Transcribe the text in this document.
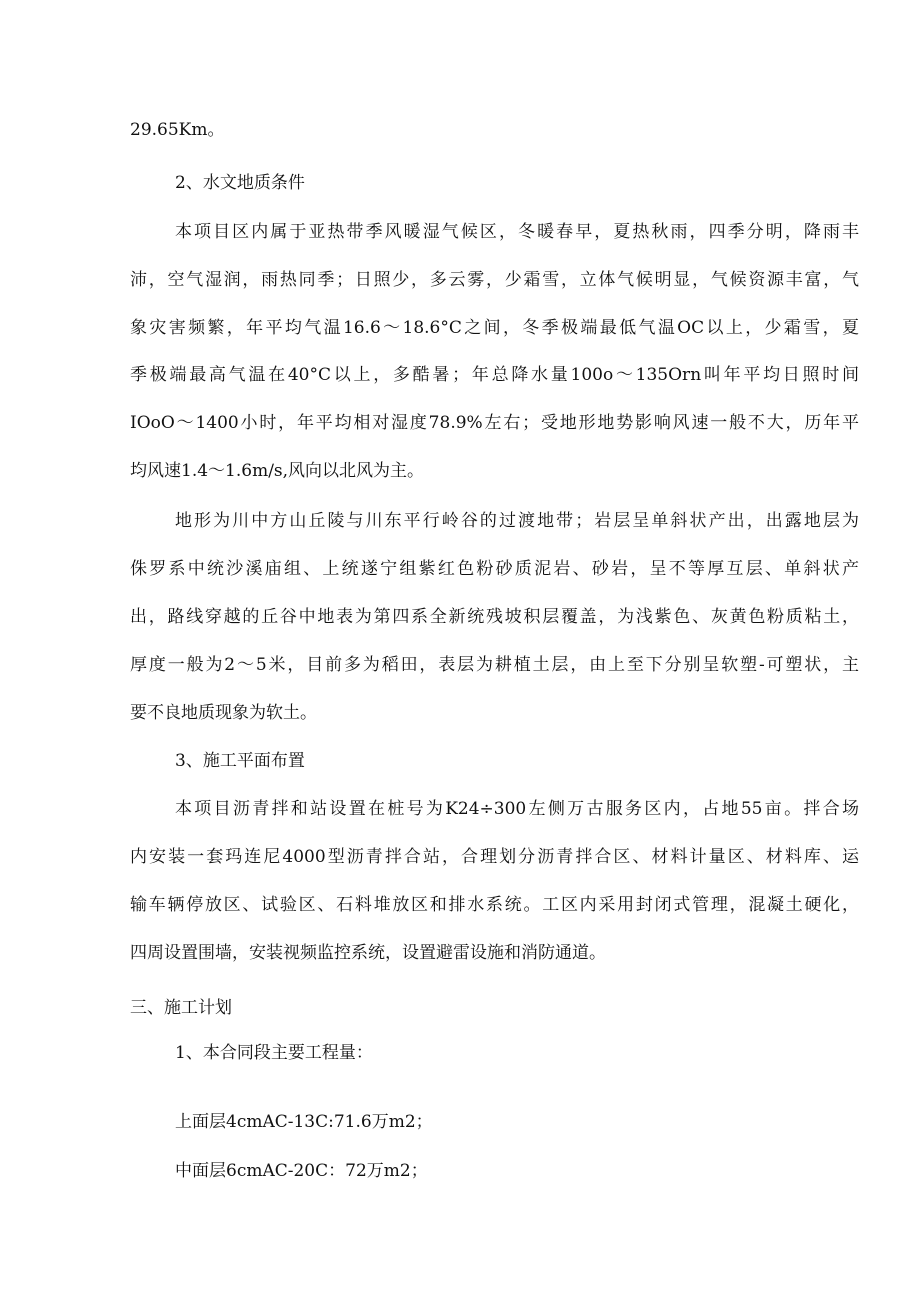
29.65Km。
2、水文地质条件
本项目区内属于亚热带季风暖湿气候区，冬暖春早，夏热秋雨，四季分明，降雨丰
沛，空气湿润，雨热同季；日照少，多云雾，少霜雪，立体气候明显，气候资源丰富，气
象灾害频繁，年平均气温16.6～18.6°C之间，冬季极端最低气温OC以上，少霜雪，夏
季极端最高气温在40°C以上，多酷暑；年总降水量100o～135Orn叫年平均日照时间
IOoO～1400小时，年平均相对湿度78.9%左右；受地形地势影响风速一般不大，历年平
均风速1.4～1.6m∕s,风向以北风为主。
地形为川中方山丘陵与川东平行岭谷的过渡地带；岩层呈单斜状产出，出露地层为
侏罗系中统沙溪庙组、上统遂宁组紫红色粉砂质泥岩、砂岩，呈不等厚互层、单斜状产
出，路线穿越的丘谷中地表为第四系全新统残坡积层覆盖，为浅紫色、灰黄色粉质粘土，
厚度一般为2～5米，目前多为稻田，表层为耕植土层，由上至下分别呈软塑-可塑状，主
要不良地质现象为软土。
3、施工平面布置
本项目沥青拌和站设置在桩号为K24÷300左侧万古服务区内，占地55亩。拌合场
内安装一套玛连尼4000型沥青拌合站，合理划分沥青拌合区、材料计量区、材料库、运
输车辆停放区、试验区、石料堆放区和排水系统。工区内采用封闭式管理，混凝土硬化，
四周设置围墙，安装视频监控系统，设置避雷设施和消防通道。
三、施工计划
1、本合同段主要工程量：
上面层4cmAC-13C:71.6万m2；
中面层6cmAC-20C：72万m2；
